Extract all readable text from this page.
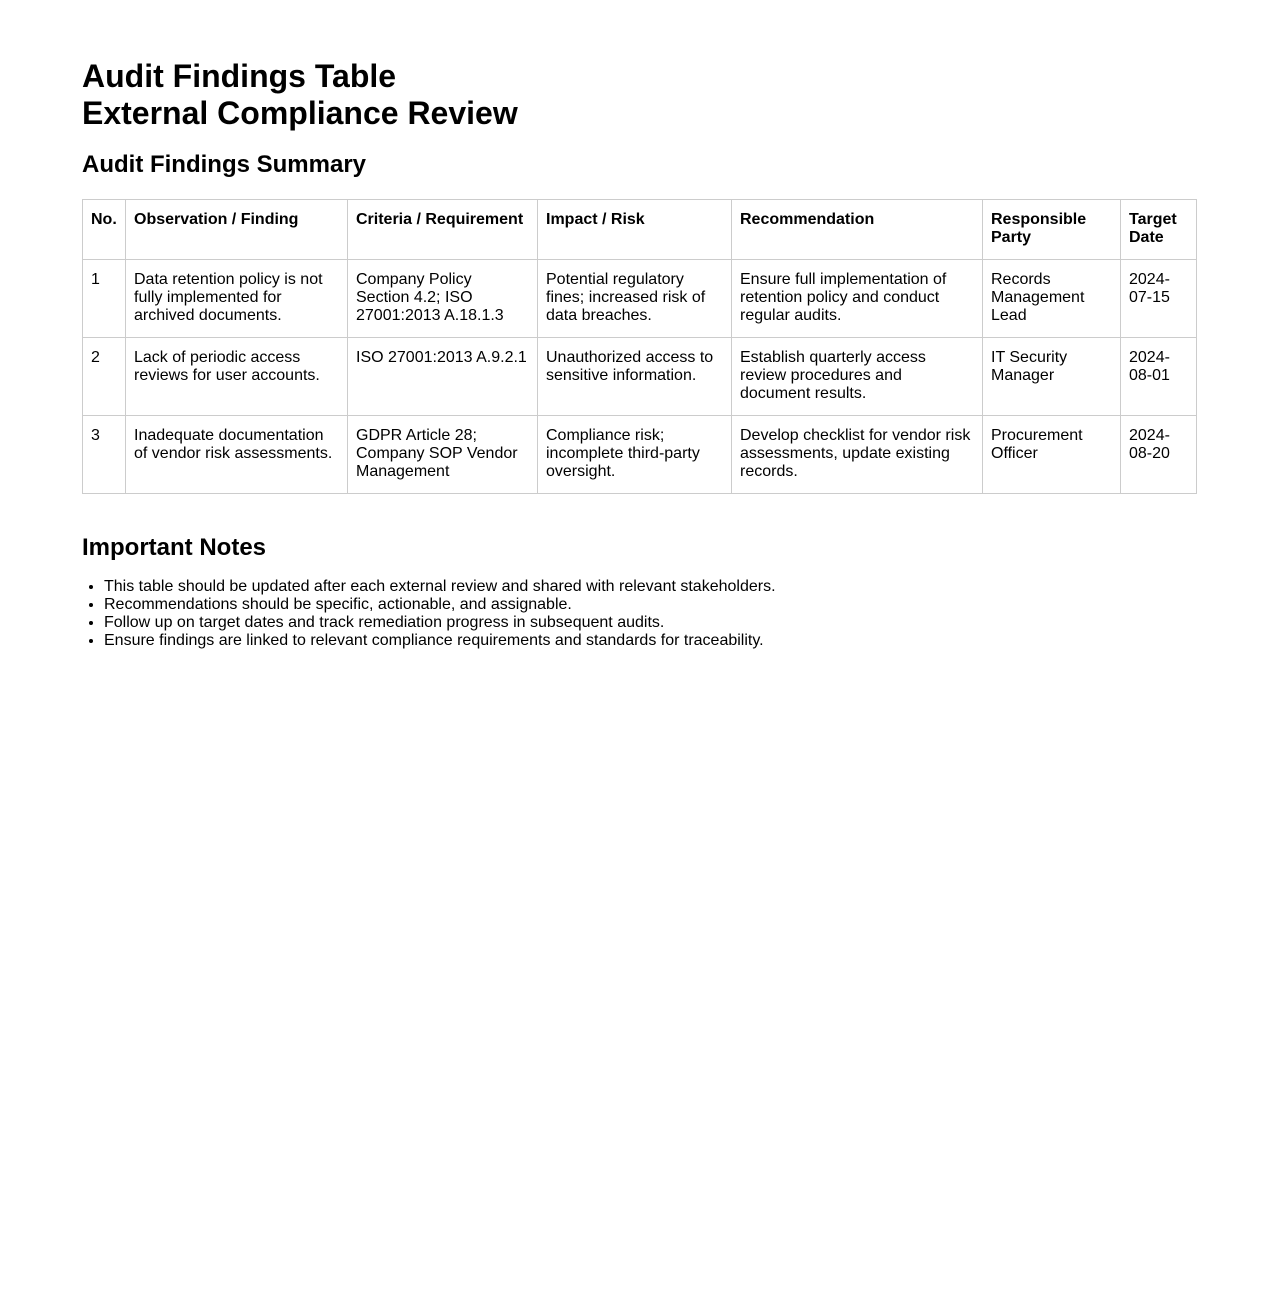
Audit Findings Table
External Compliance Review
Audit Findings Summary
No.	Observation / Finding	Criteria / Requirement	Impact / Risk	Recommendation	Responsible Party	Target Date
1	Data retention policy is not fully implemented for archived documents.	Company Policy Section 4.2; ISO 27001:2013 A.18.1.3	Potential regulatory fines; increased risk of data breaches.	Ensure full implementation of retention policy and conduct regular audits.	Records Management Lead	2024-07-15
2	Lack of periodic access reviews for user accounts.	ISO 27001:2013 A.9.2.1	Unauthorized access to sensitive information.	Establish quarterly access review procedures and document results.	IT Security Manager	2024-08-01
3	Inadequate documentation of vendor risk assessments.	GDPR Article 28; Company SOP Vendor Management	Compliance risk; incomplete third-party oversight.	Develop checklist for vendor risk assessments, update existing records.	Procurement Officer	2024-08-20
Important Notes
• This table should be updated after each external review and shared with relevant stakeholders.
• Recommendations should be specific, actionable, and assignable.
• Follow up on target dates and track remediation progress in subsequent audits.
• Ensure findings are linked to relevant compliance requirements and standards for traceability.
